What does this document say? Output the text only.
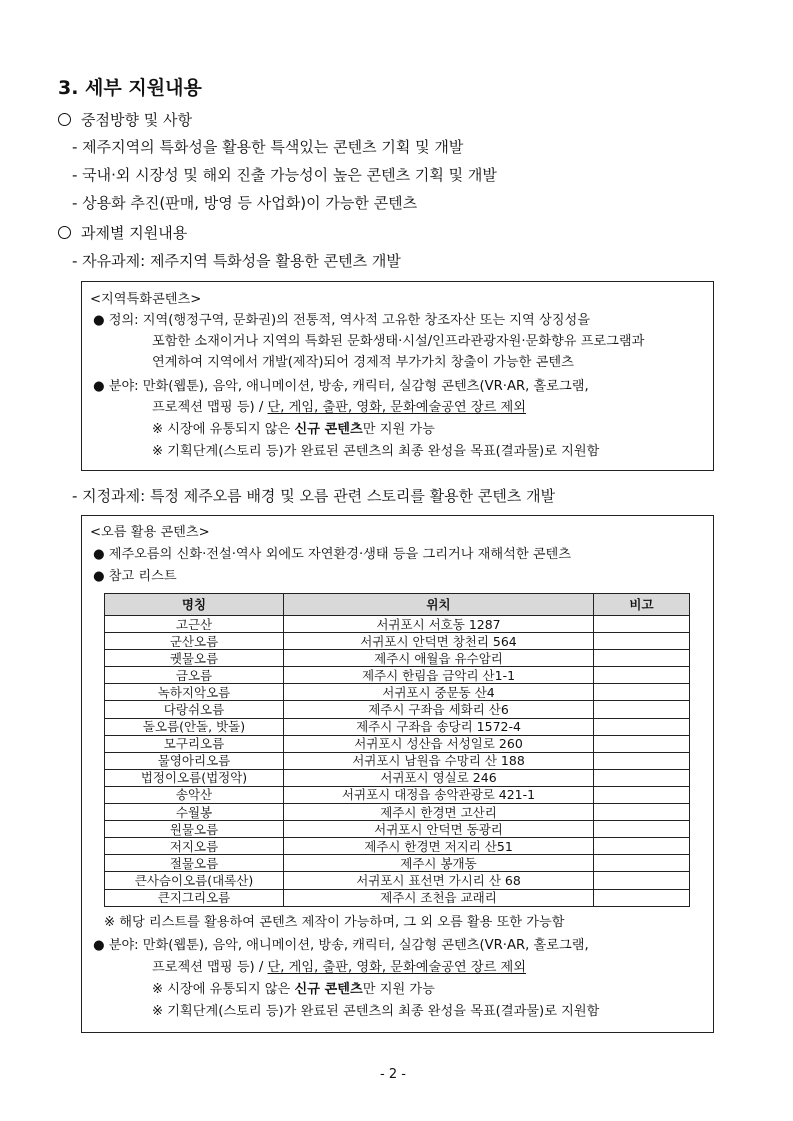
3. 세부 지원내용
중점방향 및 사항
- 제주지역의 특화성을 활용한 특색있는 콘텐츠 기획 및 개발
- 국내·외 시장성 및 해외 진출 가능성이 높은 콘텐츠 기획 및 개발
- 상용화 추진(판매, 방영 등 사업화)이 가능한 콘텐츠
과제별 지원내용
- 자유과제: 제주지역 특화성을 활용한 콘텐츠 개발
<지역특화콘텐츠>
● 정의: 지역(행정구역, 문화권)의 전통적, 역사적 고유한 창조자산 또는 지역 상징성을
포함한 소재이거나 지역의 특화된 문화생태·시설/인프라관광자원·문화향유 프로그램과
연계하여 지역에서 개발(제작)되어 경제적 부가가치 창출이 가능한 콘텐츠
● 분야: 만화(웹툰), 음악, 애니메이션, 방송, 캐릭터, 실감형 콘텐츠(VR·AR, 홀로그램,
프로젝션 맵핑 등) / 단, 게임, 출판, 영화, 문화예술공연 장르 제외
※ 시장에 유통되지 않은 신규 콘텐츠만 지원 가능
※ 기획단계(스토리 등)가 완료된 콘텐츠의 최종 완성을 목표(결과물)로 지원함
- 지정과제: 특정 제주오름 배경 및 오름 관련 스토리를 활용한 콘텐츠 개발
<오름 활용 콘텐츠>
● 제주오름의 신화·전설·역사 외에도 자연환경·생태 등을 그리거나 재해석한 콘텐츠
● 참고 리스트
명칭	위치	비고
고근산	서귀포시 서호동 1287	
군산오름	서귀포시 안덕면 창천리 564	
궷물오름	제주시 애월읍 유수암리	
금오름	제주시 한림읍 금악리 산1-1	
녹하지악오름	서귀포시 중문동 산4	
다랑쉬오름	제주시 구좌읍 세화리 산6	
돌오름(안돌, 밧돌)	제주시 구좌읍 송당리 1572-4	
모구리오름	서귀포시 성산읍 서성일로 260	
물영아리오름	서귀포시 남원읍 수망리 산 188	
법정이오름(법정악)	서귀포시 영실로 246	
송악산	서귀포시 대정읍 송악관광로 421-1	
수월봉	제주시 한경면 고산리	
원물오름	서귀포시 안덕면 동광리	
저지오름	제주시 한경면 저지리 산51	
절물오름	제주시 봉개동	
큰사슴이오름(대록산)	서귀포시 표선면 가시리 산 68	
큰지그리오름	제주시 조천읍 교래리	
※ 해당 리스트를 활용하여 콘텐츠 제작이 가능하며, 그 외 오름 활용 또한 가능함
● 분야: 만화(웹툰), 음악, 애니메이션, 방송, 캐릭터, 실감형 콘텐츠(VR·AR, 홀로그램,
프로젝션 맵핑 등) / 단, 게임, 출판, 영화, 문화예술공연 장르 제외
※ 시장에 유통되지 않은 신규 콘텐츠만 지원 가능
※ 기획단계(스토리 등)가 완료된 콘텐츠의 최종 완성을 목표(결과물)로 지원함
- 2 -
